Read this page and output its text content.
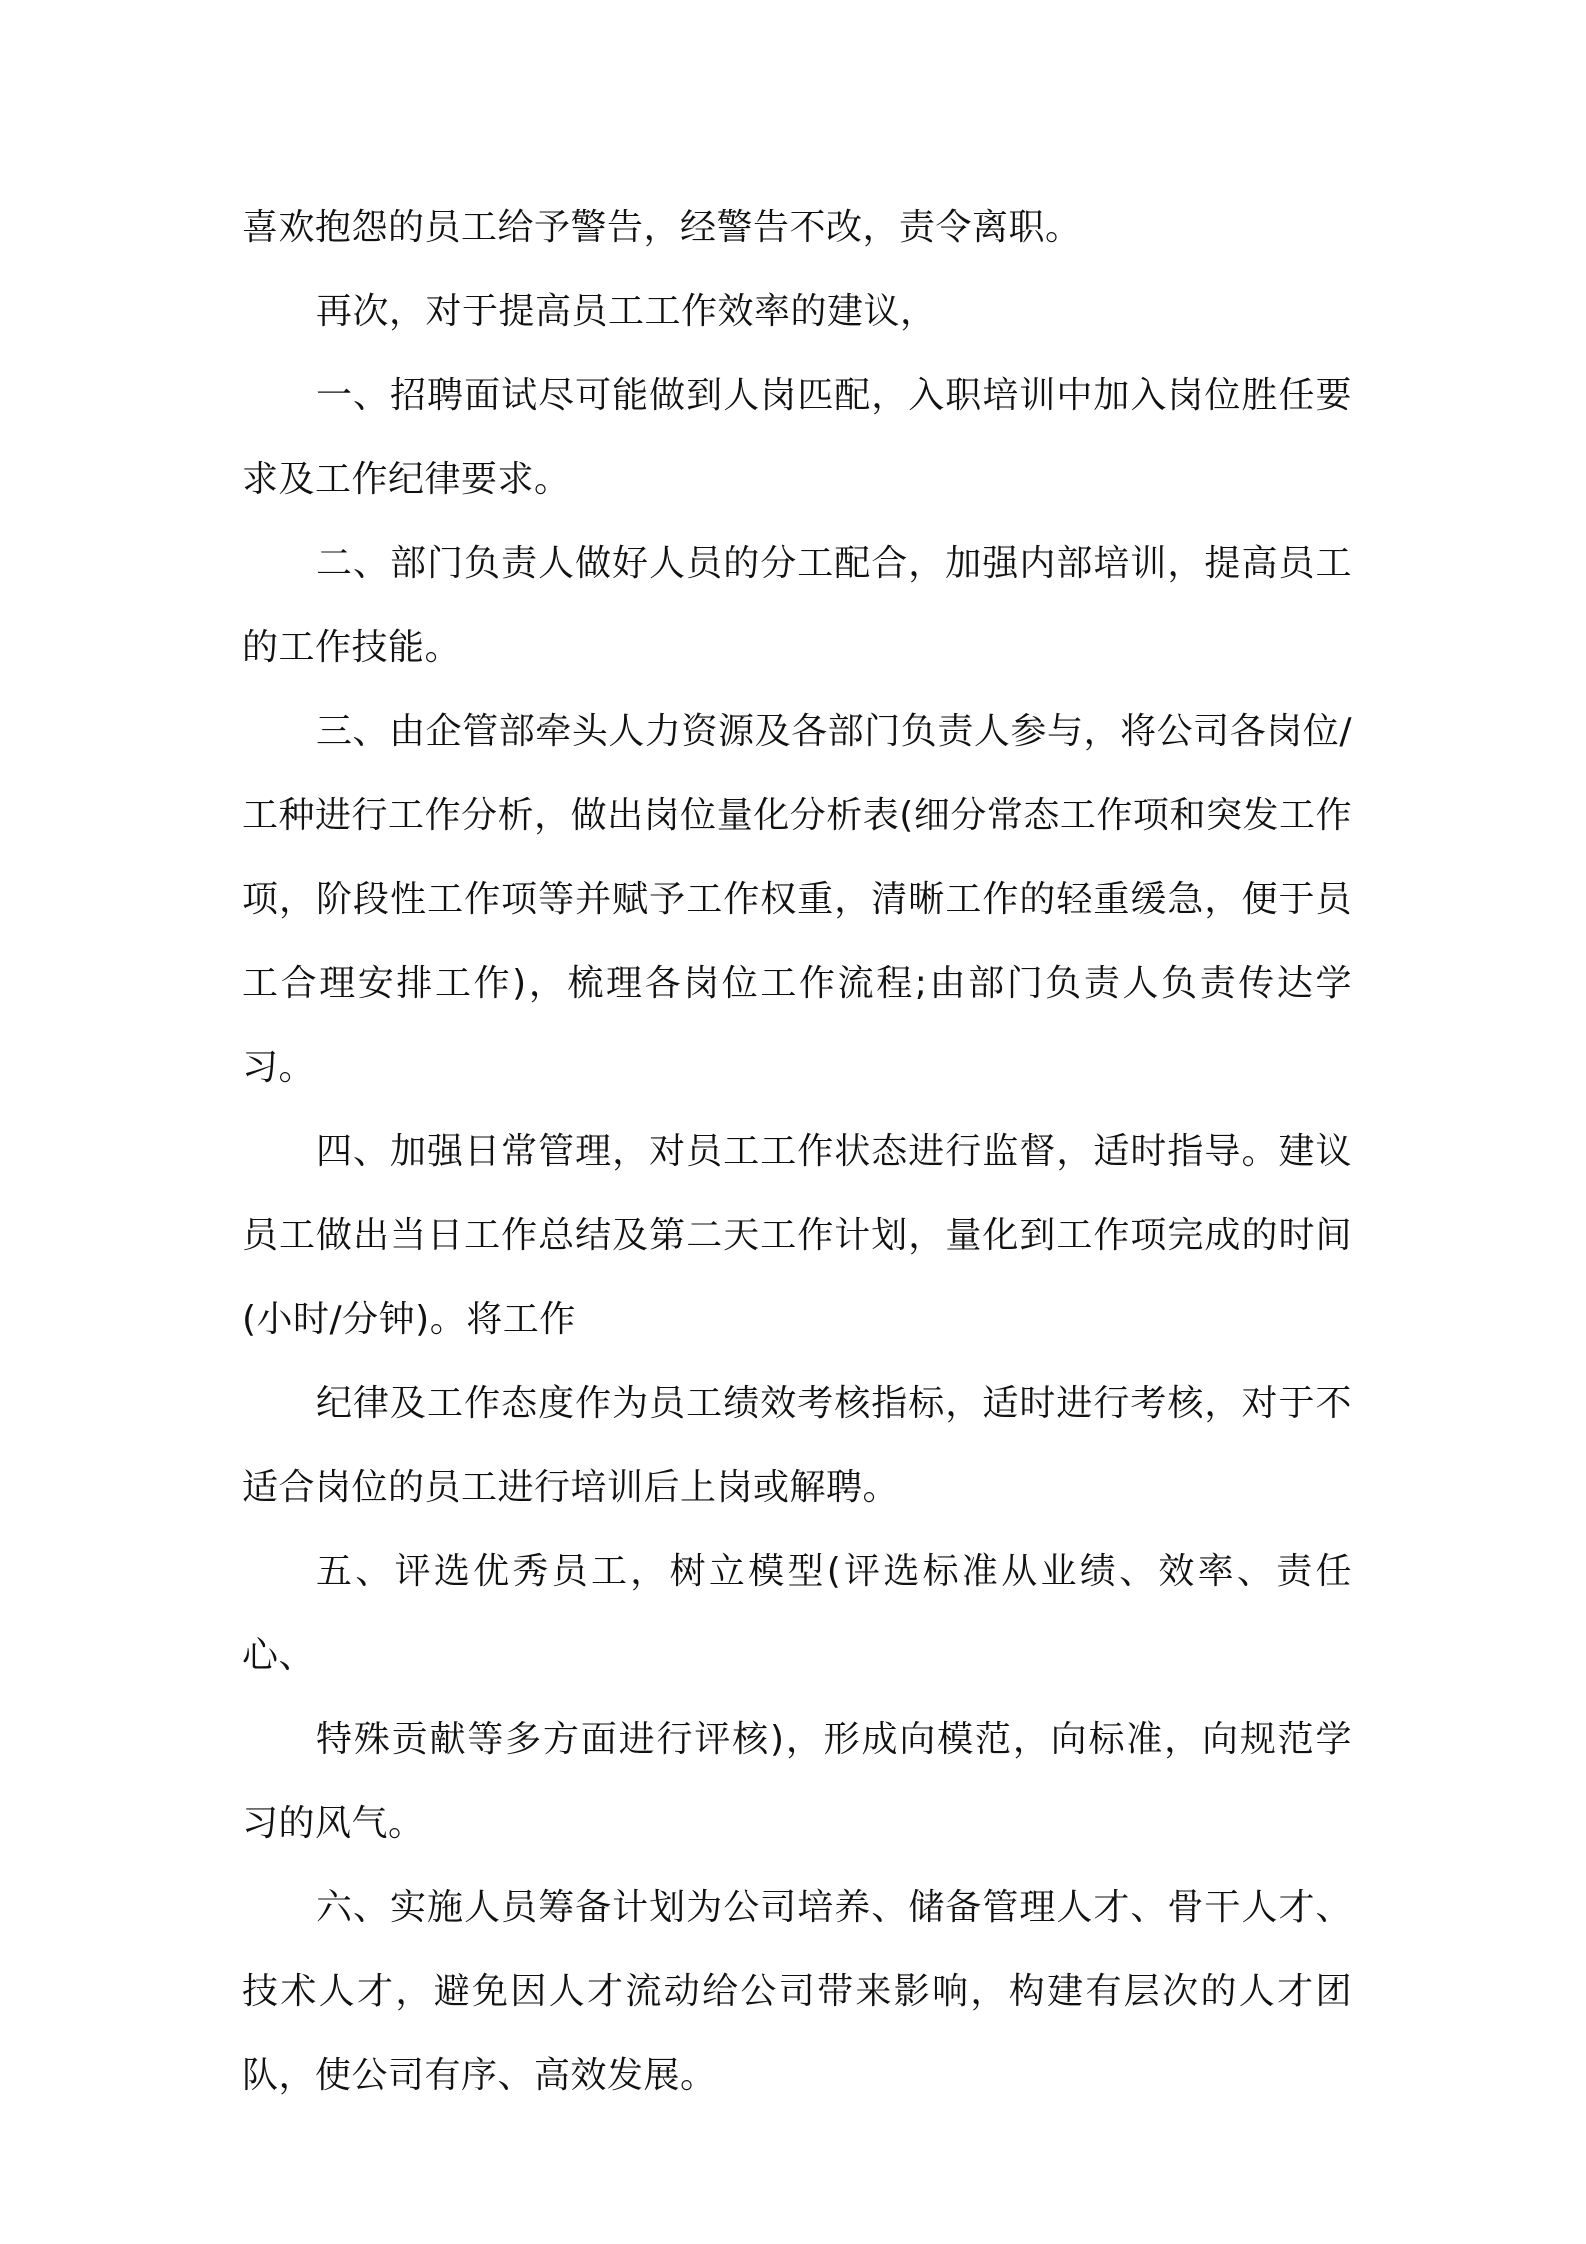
喜欢抱怨的员工给予警告，经警告不改，责令离职。

再次，对于提高员工工作效率的建议，

一、招聘面试尽可能做到人岗匹配，入职培训中加入岗位胜任要求及工作纪律要求。

二、部门负责人做好人员的分工配合，加强内部培训，提高员工的工作技能。

三、由企管部牵头人力资源及各部门负责人参与，将公司各岗位/工种进行工作分析，做出岗位量化分析表(细分常态工作项和突发工作项，阶段性工作项等并赋予工作权重，清晰工作的轻重缓急，便于员工合理安排工作)，梳理各岗位工作流程;由部门负责人负责传达学习。

四、加强日常管理，对员工工作状态进行监督，适时指导。建议员工做出当日工作总结及第二天工作计划，量化到工作项完成的时间(小时/分钟)。将工作

纪律及工作态度作为员工绩效考核指标，适时进行考核，对于不适合岗位的员工进行培训后上岗或解聘。

五、评选优秀员工，树立模型(评选标准从业绩、效率、责任心、

特殊贡献等多方面进行评核)，形成向模范，向标准，向规范学习的风气。

六、实施人员筹备计划为公司培养、储备管理人才、骨干人才、技术人才，避免因人才流动给公司带来影响，构建有层次的人才团队，使公司有序、高效发展。
